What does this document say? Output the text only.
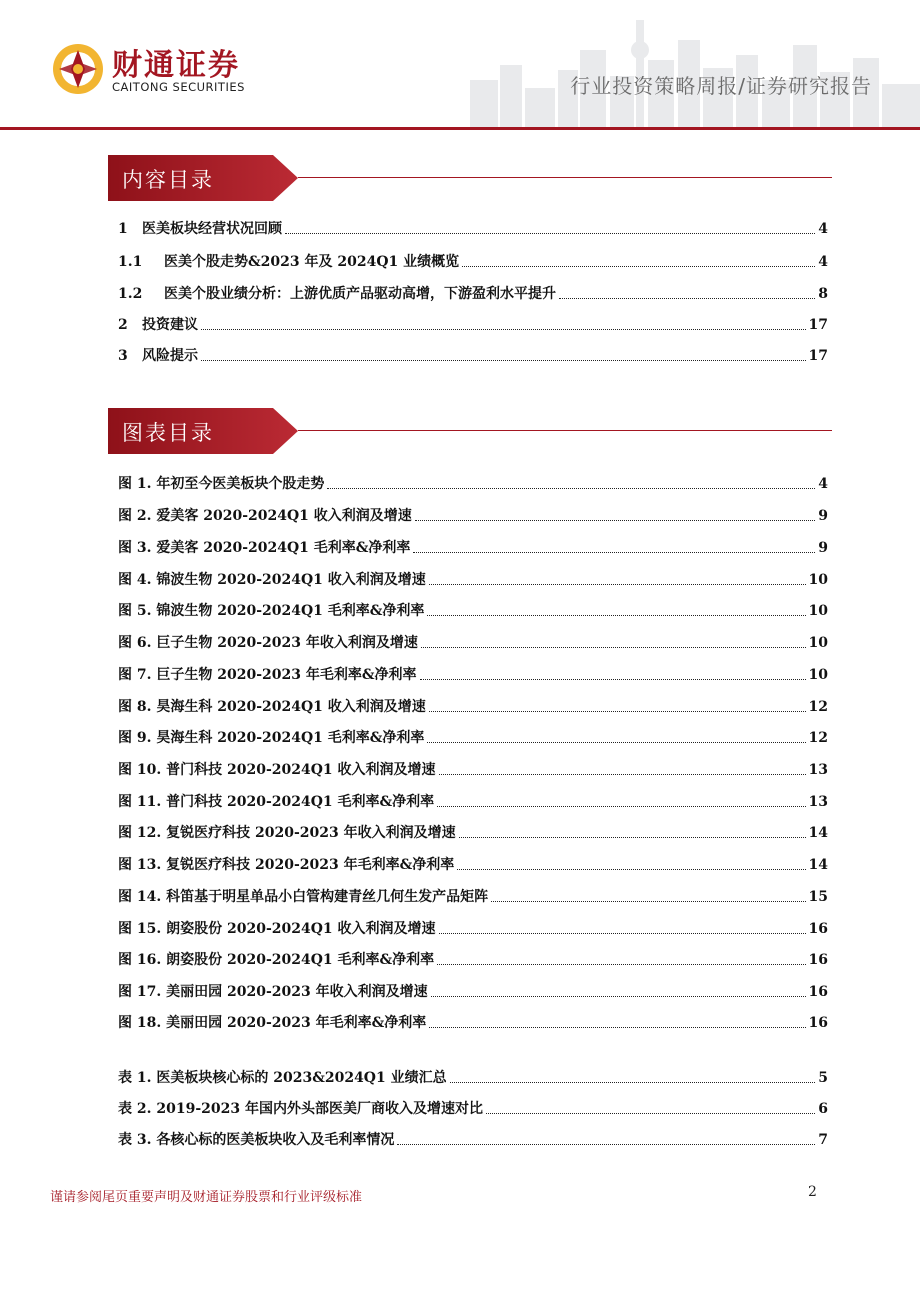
财通证券
CAITONG SECURITIES	行业投资策略周报/证券研究报告
内容目录
1	医美板块经营状况回顾	4
1.1	医美个股走势&2023 年及 2024Q1 业绩概览	4
1.2	医美个股业绩分析：上游优质产品驱动高增，下游盈利水平提升	8
2	投资建议	17
3	风险提示	17
图表目录
图 1. 年初至今医美板块个股走势	4
图 2. 爱美客 2020-2024Q1 收入利润及增速	9
图 3. 爱美客 2020-2024Q1 毛利率&净利率	9
图 4. 锦波生物 2020-2024Q1 收入利润及增速	10
图 5. 锦波生物 2020-2024Q1 毛利率&净利率	10
图 6. 巨子生物 2020-2023 年收入利润及增速	10
图 7. 巨子生物 2020-2023 年毛利率&净利率	10
图 8. 昊海生科 2020-2024Q1 收入利润及增速	12
图 9. 昊海生科 2020-2024Q1 毛利率&净利率	12
图 10. 普门科技 2020-2024Q1 收入利润及增速	13
图 11. 普门科技 2020-2024Q1 毛利率&净利率	13
图 12. 复锐医疗科技 2020-2023 年收入利润及增速	14
图 13. 复锐医疗科技 2020-2023 年毛利率&净利率	14
图 14. 科笛基于明星单品小白管构建青丝几何生发产品矩阵	15
图 15. 朗姿股份 2020-2024Q1 收入利润及增速	16
图 16. 朗姿股份 2020-2024Q1 毛利率&净利率	16
图 17. 美丽田园 2020-2023 年收入利润及增速	16
图 18. 美丽田园 2020-2023 年毛利率&净利率	16
表 1. 医美板块核心标的 2023&2024Q1 业绩汇总	5
表 2. 2019-2023 年国内外头部医美厂商收入及增速对比	6
表 3. 各核心标的医美板块收入及毛利率情况	7
谨请参阅尾页重要声明及财通证券股票和行业评级标准	2
